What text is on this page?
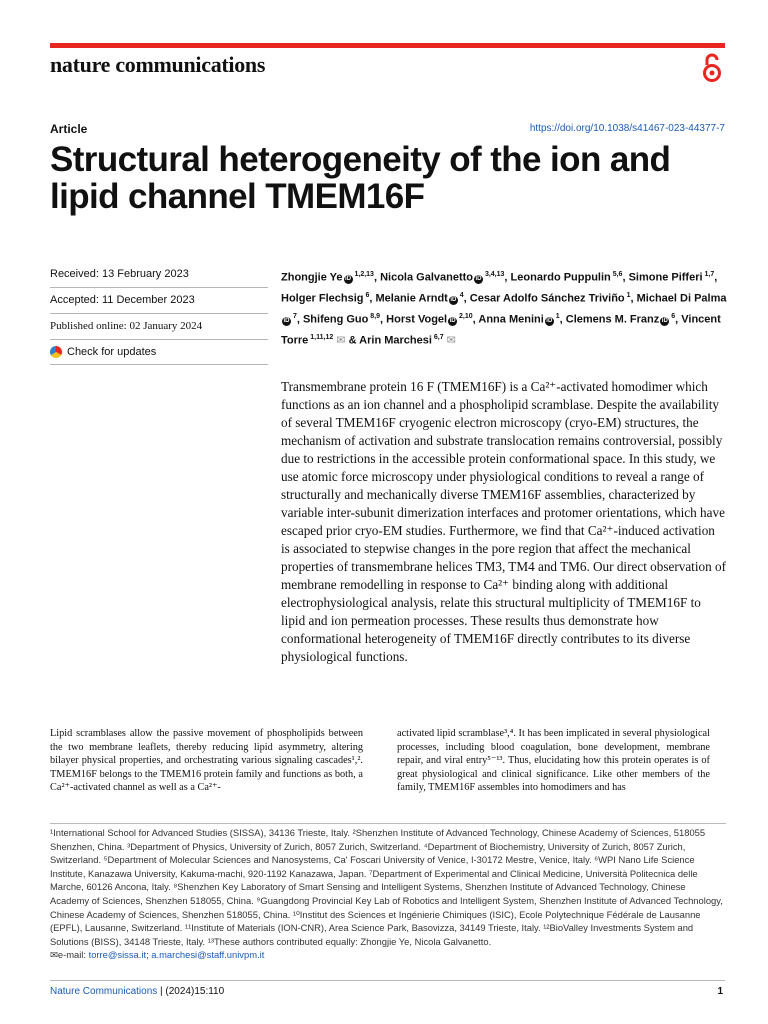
nature communications
Article	https://doi.org/10.1038/s41467-023-44377-7
Structural heterogeneity of the ion and lipid channel TMEM16F
Received: 13 February 2023
Accepted: 11 December 2023
Published online: 02 January 2024
Check for updates
Zhongjie Ye iD $^{1,2,13}$, Nicola Galvanetto iD $^{3,4,13}$, Leonardo Puppulin $^{5,6}$, Simone Pifferi $^{1,7}$, Holger Flechsig $^6$, Melanie Arndt iD $^4$, Cesar Adolfo Sánchez Triviño $^1$, Michael Di PalmaiD $^7$, Shifeng Guo $^{8,9}$, Horst Vogel iD $^{2,10}$, Anna Menini iD $^1$, Clemens M. Franz iD $^6$, Vincent Torre $^{1,11,12}$ ✉ & Arin Marchesi $^{6,7}$ ✉
Transmembrane protein 16 F (TMEM16F) is a Ca²⁺-activated homodimer which functions as an ion channel and a phospholipid scramblase. Despite the availability of several TMEM16F cryogenic electron microscopy (cryo-EM) structures, the mechanism of activation and substrate translocation remains controversial, possibly due to restrictions in the accessible protein conformational space. In this study, we use atomic force microscopy under physiological conditions to reveal a range of structurally and mechanically diverse TMEM16F assemblies, characterized by variable inter-subunit dimerization interfaces and protomer orientations, which have escaped prior cryo-EM studies. Furthermore, we find that Ca²⁺-induced activation is associated to stepwise changes in the pore region that affect the mechanical properties of transmembrane helices TM3, TM4 and TM6. Our direct observation of membrane remodelling in response to Ca²⁺ binding along with additional electrophysiological analysis, relate this structural multiplicity of TMEM16F to lipid and ion permeation processes. These results thus demonstrate how conformational heterogeneity of TMEM16F directly contributes to its diverse physiological functions.
Lipid scramblases allow the passive movement of phospholipids between the two membrane leaflets, thereby reducing lipid asymmetry, altering bilayer physical properties, and orchestrating various signaling cascades¹,². TMEM16F belongs to the TMEM16 protein family and functions as both, a Ca²⁺-activated channel as well as a Ca²⁺-
activated lipid scramblase³,⁴. It has been implicated in several physiological processes, including blood coagulation, bone development, membrane repair, and viral entry⁵⁻¹³. Thus, elucidating how this protein operates is of great physiological and clinical significance. Like other members of the family, TMEM16F assembles into homodimers and has
¹International School for Advanced Studies (SISSA), 34136 Trieste, Italy. ²Shenzhen Institute of Advanced Technology, Chinese Academy of Sciences, 518055 Shenzhen, China. ³Department of Physics, University of Zurich, 8057 Zurich, Switzerland. ⁴Department of Biochemistry, University of Zurich, 8057 Zurich, Switzerland. ⁵Department of Molecular Sciences and Nanosystems, Ca' Foscari University of Venice, I-30172 Mestre, Venice, Italy. ⁶WPI Nano Life Science Institute, Kanazawa University, Kakuma-machi, 920-1192 Kanazawa, Japan. ⁷Department of Experimental and Clinical Medicine, Università Politecnica delle Marche, 60126 Ancona, Italy. ⁸Shenzhen Key Laboratory of Smart Sensing and Intelligent Systems, Shenzhen Institute of Advanced Technology, Chinese Academy of Sciences, Shenzhen 518055, China. ⁹Guangdong Provincial Key Lab of Robotics and Intelligent System, Shenzhen Institute of Advanced Technology, Chinese Academy of Sciences, Shenzhen 518055, China. ¹⁰Institut des Sciences et Ingénierie Chimiques (ISIC), Ecole Polytechnique Fédérale de Lausanne (EPFL), Lausanne, Switzerland. ¹¹Institute of Materials (ION-CNR), Area Science Park, Basovizza, 34149 Trieste, Italy. ¹²BioValley Investments System and Solutions (BISS), 34148 Trieste, Italy. ¹³These authors contributed equally: Zhongjie Ye, Nicola Galvanetto.
✉e-mail: torre@sissa.it; a.marchesi@staff.univpm.it
Nature Communications | (2024)15:110	1
